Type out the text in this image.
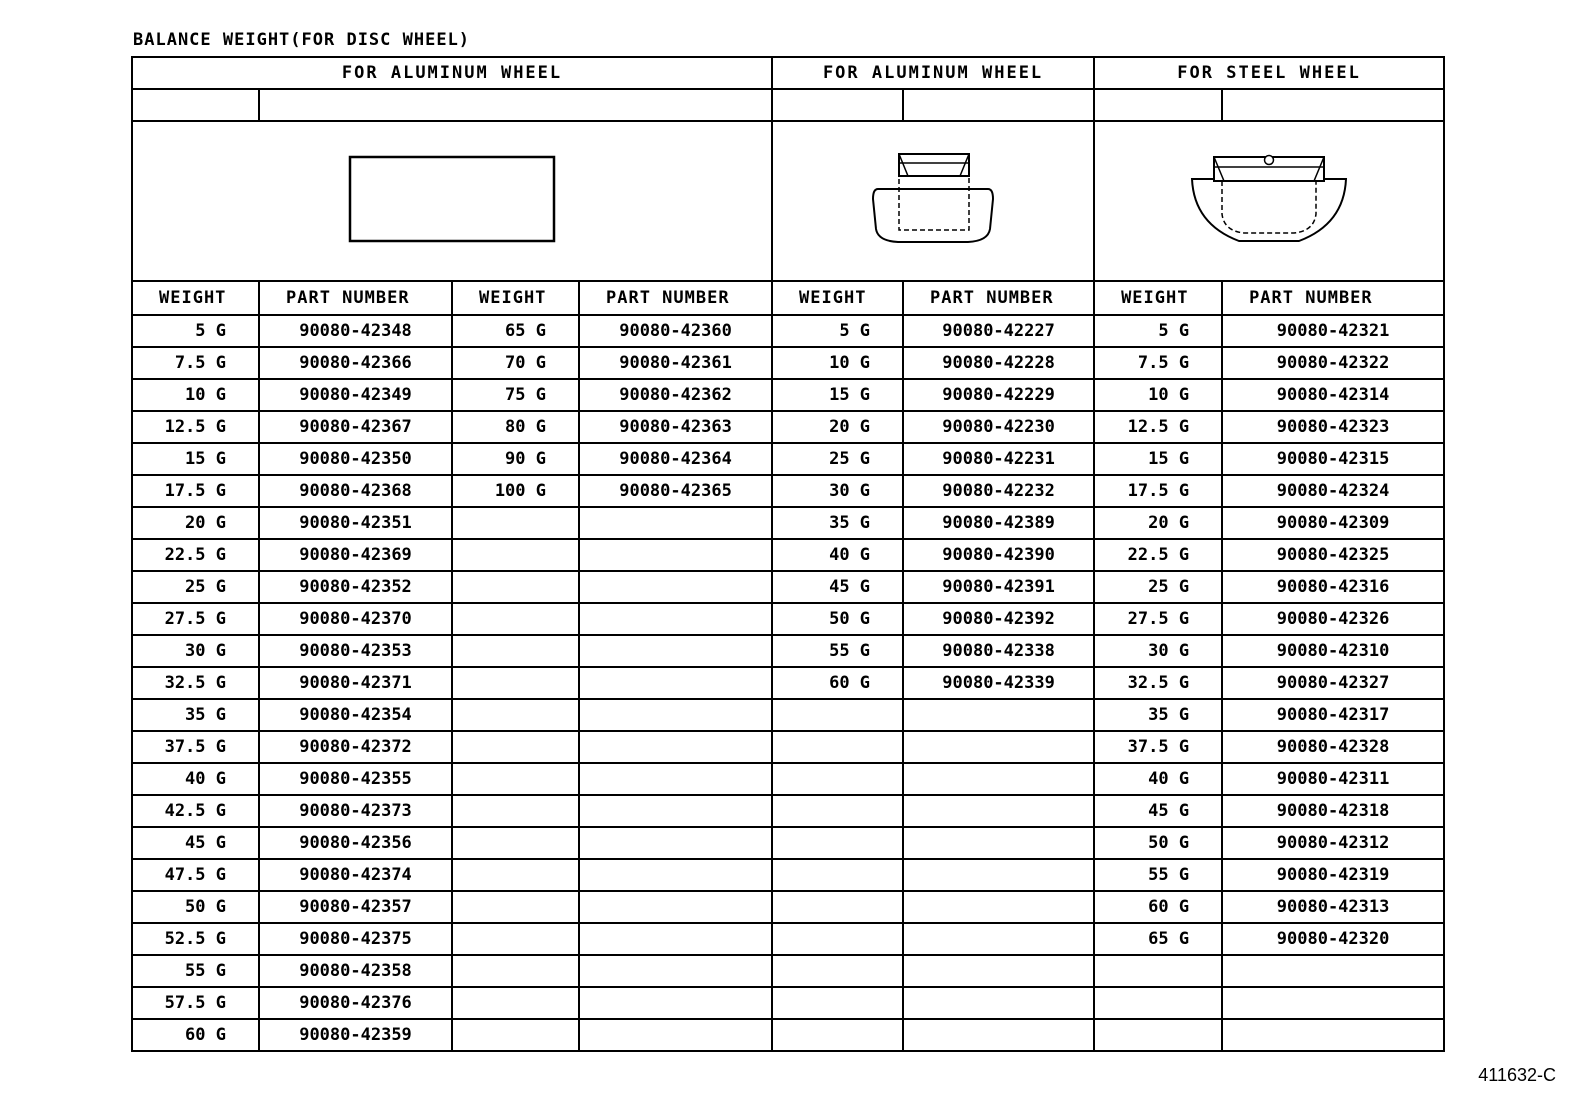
BALANCE WEIGHT(FOR DISC WHEEL)
FOR ALUMINUM WHEEL				FOR ALUMINUM WHEEL		FOR STEEL WHEEL	

WEIGHT	PART NUMBER	WEIGHT	PART NUMBER	WEIGHT	PART NUMBER	WEIGHT	PART NUMBER
5 G	90080-42348	65 G	90080-42360	5 G	90080-42227	5 G	90080-42321
7.5 G	90080-42366	70 G	90080-42361	10 G	90080-42228	7.5 G	90080-42322
10 G	90080-42349	75 G	90080-42362	15 G	90080-42229	10 G	90080-42314
12.5 G	90080-42367	80 G	90080-42363	20 G	90080-42230	12.5 G	90080-42323
15 G	90080-42350	90 G	90080-42364	25 G	90080-42231	15 G	90080-42315
17.5 G	90080-42368	100 G	90080-42365	30 G	90080-42232	17.5 G	90080-42324
20 G	90080-42351			35 G	90080-42389	20 G	90080-42309
22.5 G	90080-42369			40 G	90080-42390	22.5 G	90080-42325
25 G	90080-42352			45 G	90080-42391	25 G	90080-42316
27.5 G	90080-42370			50 G	90080-42392	27.5 G	90080-42326
30 G	90080-42353			55 G	90080-42338	30 G	90080-42310
32.5 G	90080-42371			60 G	90080-42339	32.5 G	90080-42327
35 G	90080-42354					35 G	90080-42317
37.5 G	90080-42372					37.5 G	90080-42328
40 G	90080-42355					40 G	90080-42311
42.5 G	90080-42373					45 G	90080-42318
45 G	90080-42356					50 G	90080-42312
47.5 G	90080-42374					55 G	90080-42319
50 G	90080-42357					60 G	90080-42313
52.5 G	90080-42375					65 G	90080-42320
55 G	90080-42358						
57.5 G	90080-42376						
60 G	90080-42359						
411632-C
